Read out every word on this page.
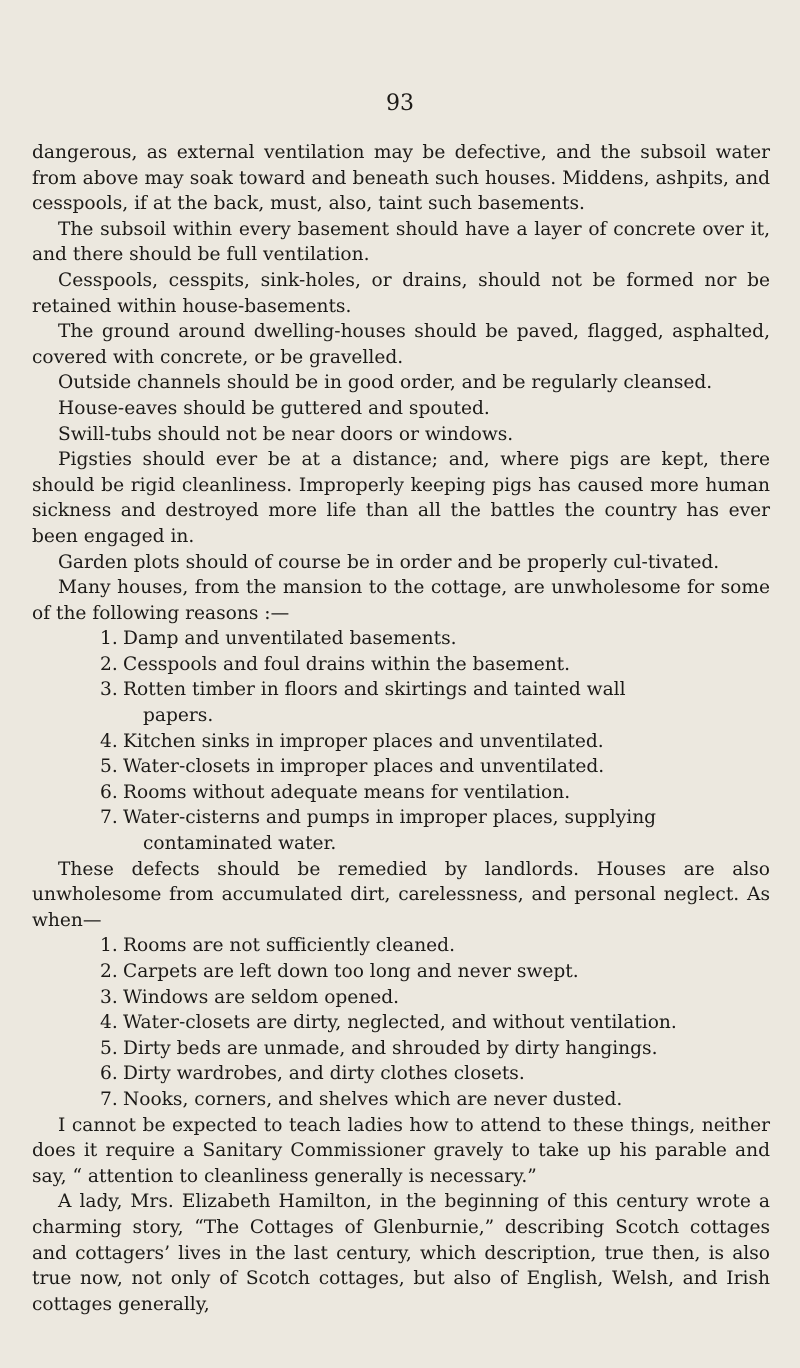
93

dangerous, as external ventilation may be defective, and the subsoil water from above may soak toward and beneath such houses. Middens, ashpits, and cesspools, if at the back, must, also, taint such basements.

The subsoil within every basement should have a layer of concrete over it, and there should be full ventilation.

Cesspools, cesspits, sink-holes, or drains, should not be formed nor be retained within house-basements.

The ground around dwelling-houses should be paved, flagged, asphalted, covered with concrete, or be gravelled.

Outside channels should be in good order, and be regularly cleansed.

House-eaves should be guttered and spouted.

Swill-tubs should not be near doors or windows.

Pigsties should ever be at a distance; and, where pigs are kept, there should be rigid cleanliness. Improperly keeping pigs has caused more human sickness and destroyed more life than all the battles the country has ever been engaged in.

Garden plots should of course be in order and be properly cul-tivated.

Many houses, from the mansion to the cottage, are unwholesome for some of the following reasons :—

1. Damp and unventilated basements.
2. Cesspools and foul drains within the basement.
3. Rotten timber in floors and skirtings and tainted wall
papers.
4. Kitchen sinks in improper places and unventilated.
5. Water-closets in improper places and unventilated.
6. Rooms without adequate means for ventilation.
7. Water-cisterns and pumps in improper places, supplying
contaminated water.

These defects should be remedied by landlords. Houses are also unwholesome from accumulated dirt, carelessness, and personal neglect. As when—

1. Rooms are not sufficiently cleaned.
2. Carpets are left down too long and never swept.
3. Windows are seldom opened.
4. Water-closets are dirty, neglected, and without ventilation.
5. Dirty beds are unmade, and shrouded by dirty hangings.
6. Dirty wardrobes, and dirty clothes closets.
7. Nooks, corners, and shelves which are never dusted.

I cannot be expected to teach ladies how to attend to these things, neither does it require a Sanitary Commissioner gravely to take up his parable and say, “ attention to cleanliness generally is necessary.”

A lady, Mrs. Elizabeth Hamilton, in the beginning of this century wrote a charming story, “The Cottages of Glenburnie,” describing Scotch cottages and cottagers’ lives in the last century, which description, true then, is also true now, not only of Scotch cottages, but also of English, Welsh, and Irish cottages generally,
